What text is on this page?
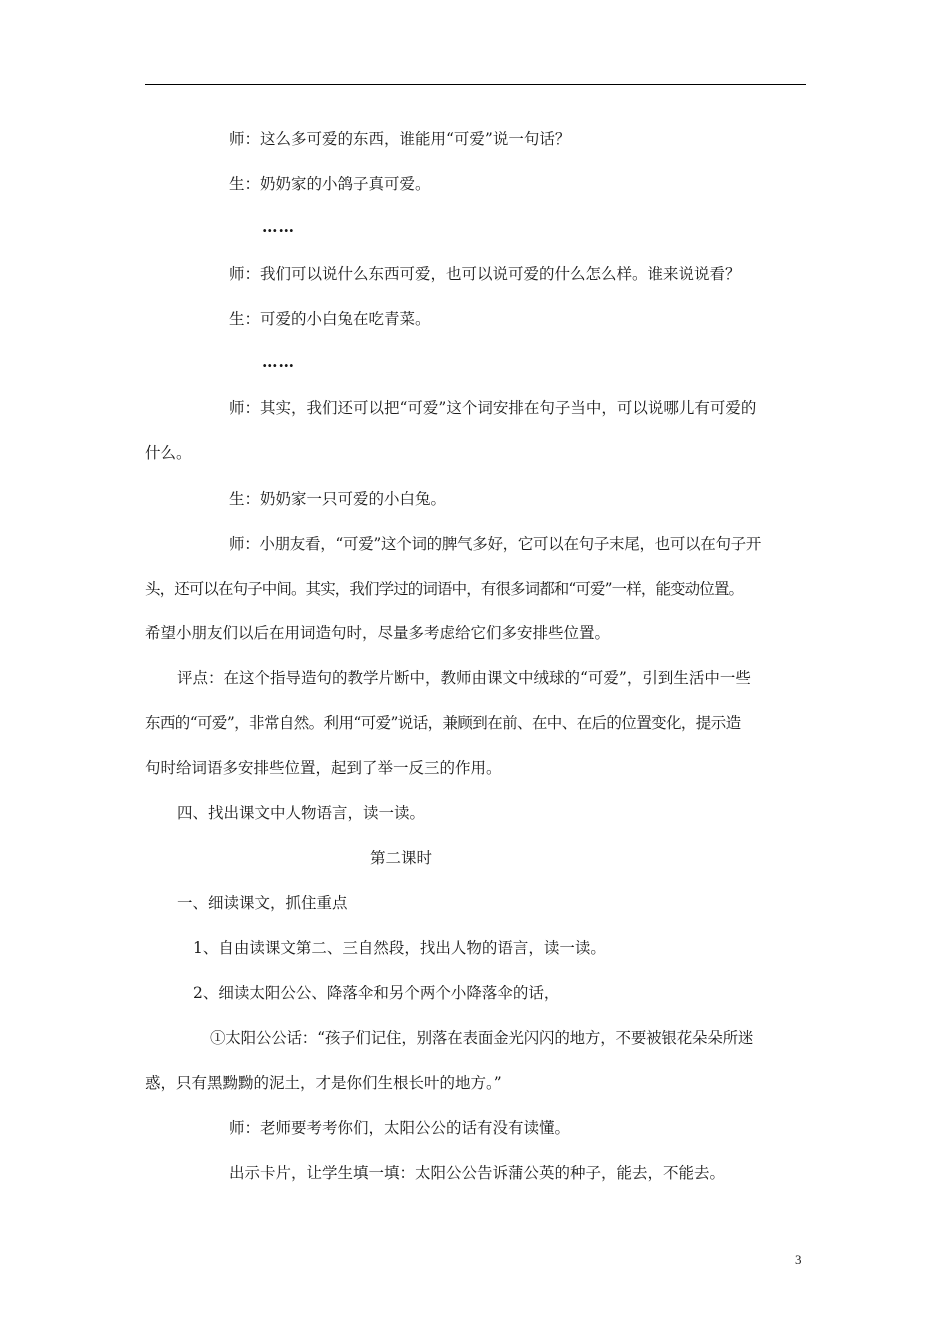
师：这么多可爱的东西，谁能用“可爱”说一句话？
生：奶奶家的小鸽子真可爱。
……
师：我们可以说什么东西可爱，也可以说可爱的什么怎么样。谁来说说看？
生：可爱的小白兔在吃青菜。
……
师：其实，我们还可以把“可爱”这个词安排在句子当中，可以说哪儿有可爱的
什么。
生：奶奶家一只可爱的小白兔。
师：小朋友看，“可爱”这个词的脾气多好，它可以在句子末尾，也可以在句子开
头，还可以在句子中间。其实，我们学过的词语中，有很多词都和“可爱”一样，能变动位置。
希望小朋友们以后在用词造句时，尽量多考虑给它们多安排些位置。
评点：在这个指导造句的教学片断中，教师由课文中绒球的“可爱”，引到生活中一些
东西的“可爱”，非常自然。利用“可爱”说话，兼顾到在前、在中、在后的位置变化，提示造
句时给词语多安排些位置，起到了举一反三的作用。
四、找出课文中人物语言，读一读。
第二课时
一、细读课文，抓住重点
1、自由读课文第二、三自然段，找出人物的语言，读一读。
2、细读太阳公公、降落伞和另个两个小降落伞的话，
①太阳公公话：“孩子们记住，别落在表面金光闪闪的地方，不要被银花朵朵所迷
惑，只有黑黝黝的泥土，才是你们生根长叶的地方。”
师：老师要考考你们，太阳公公的话有没有读懂。
出示卡片，让学生填一填：太阳公公告诉蒲公英的种子，能去，不能去。
3
